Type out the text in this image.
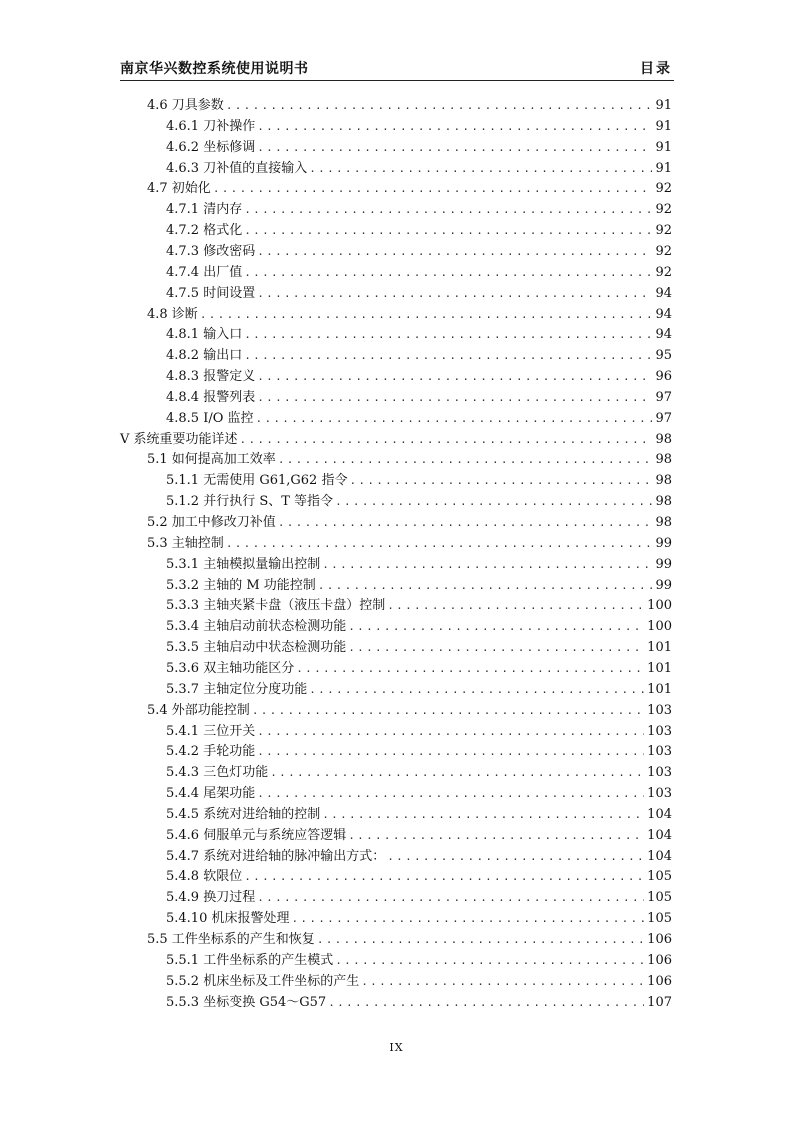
南京华兴数控系统使用说明书	目录
4.6 刀具参数 .....	91
4.6.1 刀补操作 .....	91
4.6.2 坐标修调 .....	91
4.6.3 刀补值的直接输入 .....	91
4.7 初始化 .....	92
4.7.1 清内存 .....	92
4.7.2 格式化 .....	92
4.7.3 修改密码 .....	92
4.7.4 出厂值 .....	92
4.7.5 时间设置 .....	94
4.8 诊断 .....	94
4.8.1 输入口 .....	94
4.8.2 输出口 .....	95
4.8.3 报警定义 .....	96
4.8.4 报警列表 .....	97
4.8.5 I/O 监控 .....	97
Ⅴ 系统重要功能详述 .....	98
5.1 如何提高加工效率 .....	98
5.1.1 无需使用 G61,G62 指令 .....	98
5.1.2 并行执行 S、T 等指令 .....	98
5.2 加工中修改刀补值 .....	98
5.3 主轴控制 .....	99
5.3.1 主轴模拟量输出控制 .....	99
5.3.2 主轴的 M 功能控制 .....	99
5.3.3 主轴夹紧卡盘（液压卡盘）控制 .....	100
5.3.4 主轴启动前状态检测功能 .....	100
5.3.5 主轴启动中状态检测功能 .....	101
5.3.6 双主轴功能区分 .....	101
5.3.7 主轴定位分度功能 .....	101
5.4 外部功能控制 .....	103
5.4.1 三位开关 .....	103
5.4.2 手轮功能 .....	103
5.4.3 三色灯功能 .....	103
5.4.4 尾架功能 .....	103
5.4.5 系统对进给轴的控制 .....	104
5.4.6 伺服单元与系统应答逻辑 .....	104
5.4.7 系统对进给轴的脉冲输出方式： .....	104
5.4.8 软限位 .....	105
5.4.9 换刀过程 .....	105
5.4.10 机床报警处理 .....	105
5.5 工件坐标系的产生和恢复 .....	106
5.5.1 工件坐标系的产生模式 .....	106
5.5.2 机床坐标及工件坐标的产生 .....	106
5.5.3 坐标变换 G54～G57 .....	107
IX
